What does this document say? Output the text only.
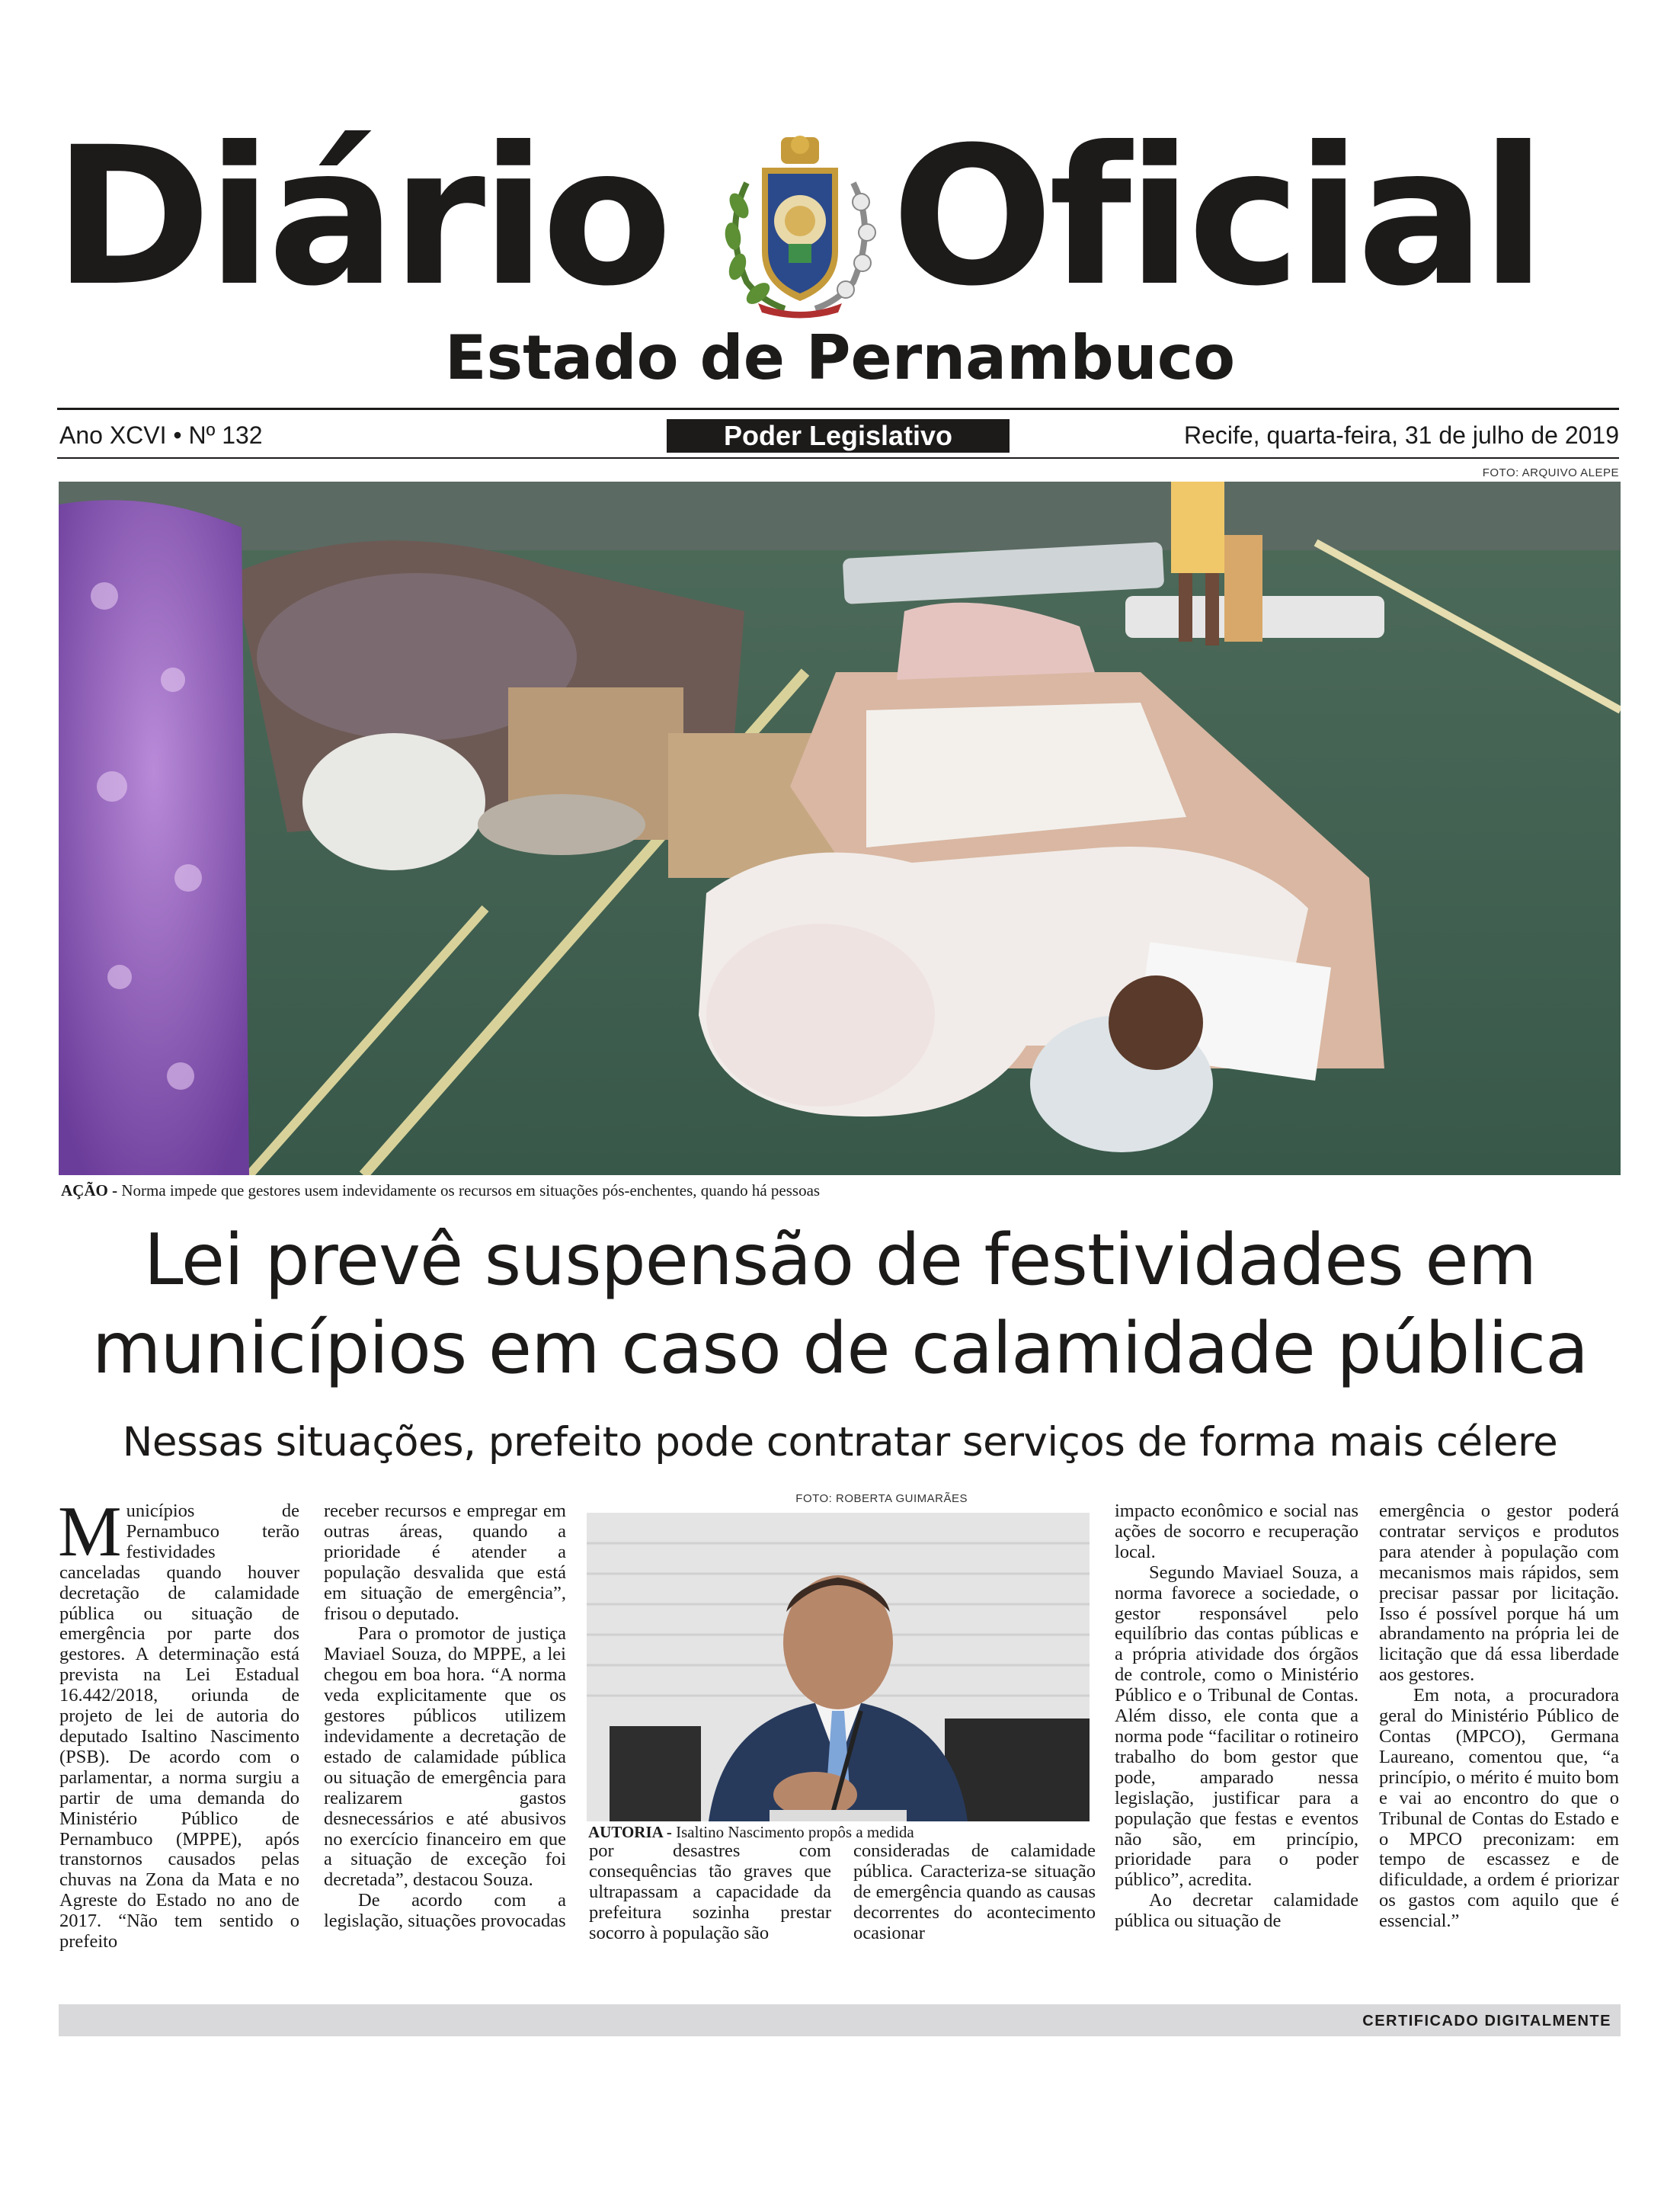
Diário Oficial
Estado de Pernambuco
Ano XCVI • Nº 132	Poder Legislativo	Recife, quarta-feira, 31 de julho de 2019
FOTO: ARQUIVO ALEPE
AÇÃO - Norma impede que gestores usem indevidamente os recursos em situações pós-enchentes, quando há pessoas
Lei prevê suspensão de festividades em
municípios em caso de calamidade pública
Nessas situações, prefeito pode contratar serviços de forma mais célere

Municípios de Pernambuco terão festividades canceladas quando houver decretação de calamidade pública ou situação de emergência por parte dos gestores. A determinação está prevista na Lei Estadual 16.442/2018, oriunda de projeto de lei de autoria do deputado Isaltino Nascimento (PSB). De acordo com o parlamentar, a norma surgiu a partir de uma demanda do Ministério Público de Pernambuco (MPPE), após transtornos causados pelas chuvas na Zona da Mata e no Agreste do Estado no ano de 2017. “Não tem sentido o prefeito

receber recursos e empregar em outras áreas, quando a prioridade é atender a população desvalida que está em situação de emergência”, frisou o deputado.

Para o promotor de justiça Maviael Souza, do MPPE, a lei chegou em boa hora. “A norma veda explicitamente que os gestores públicos utilizem indevidamente a decretação de estado de calamidade pública ou situação de emergência para realizarem gastos desnecessários e até abusivos no exercício financeiro em que a situação de exceção foi decretada”, destacou Souza.

De acordo com a legislação, situações provocadas

FOTO: ROBERTA GUIMARÃES
AUTORIA - Isaltino Nascimento propôs a medida

por desastres com consequências tão graves que ultrapassam a capacidade da prefeitura sozinha prestar socorro à população são

consideradas de calamidade pública. Caracteriza-se situação de emergência quando as causas decorrentes do acontecimento ocasionar

impacto econômico e social nas ações de socorro e recuperação local.

Segundo Maviael Souza, a norma favorece a sociedade, o gestor responsável pelo equilíbrio das contas públicas e a própria atividade dos órgãos de controle, como o Ministério Público e o Tribunal de Contas. Além disso, ele conta que a norma pode “facilitar o rotineiro trabalho do bom gestor que pode, amparado nessa legislação, justificar para a população que festas e eventos não são, em princípio, prioridade para o poder público”, acredita.

Ao decretar calamidade pública ou situação de

emergência o gestor poderá contratar serviços e produtos para atender à população com mecanismos mais rápidos, sem precisar passar por licitação. Isso é possível porque há um abrandamento na própria lei de licitação que dá essa liberdade aos gestores.

Em nota, a procuradora geral do Ministério Público de Contas (MPCO), Germana Laureano, comentou que, “a princípio, o mérito é muito bom e vai ao encontro do que o Tribunal de Contas do Estado e o MPCO preconizam: em tempo de escassez e de dificuldade, a ordem é priorizar os gastos com aquilo que é essencial.”

CERTIFICADO DIGITALMENTE
